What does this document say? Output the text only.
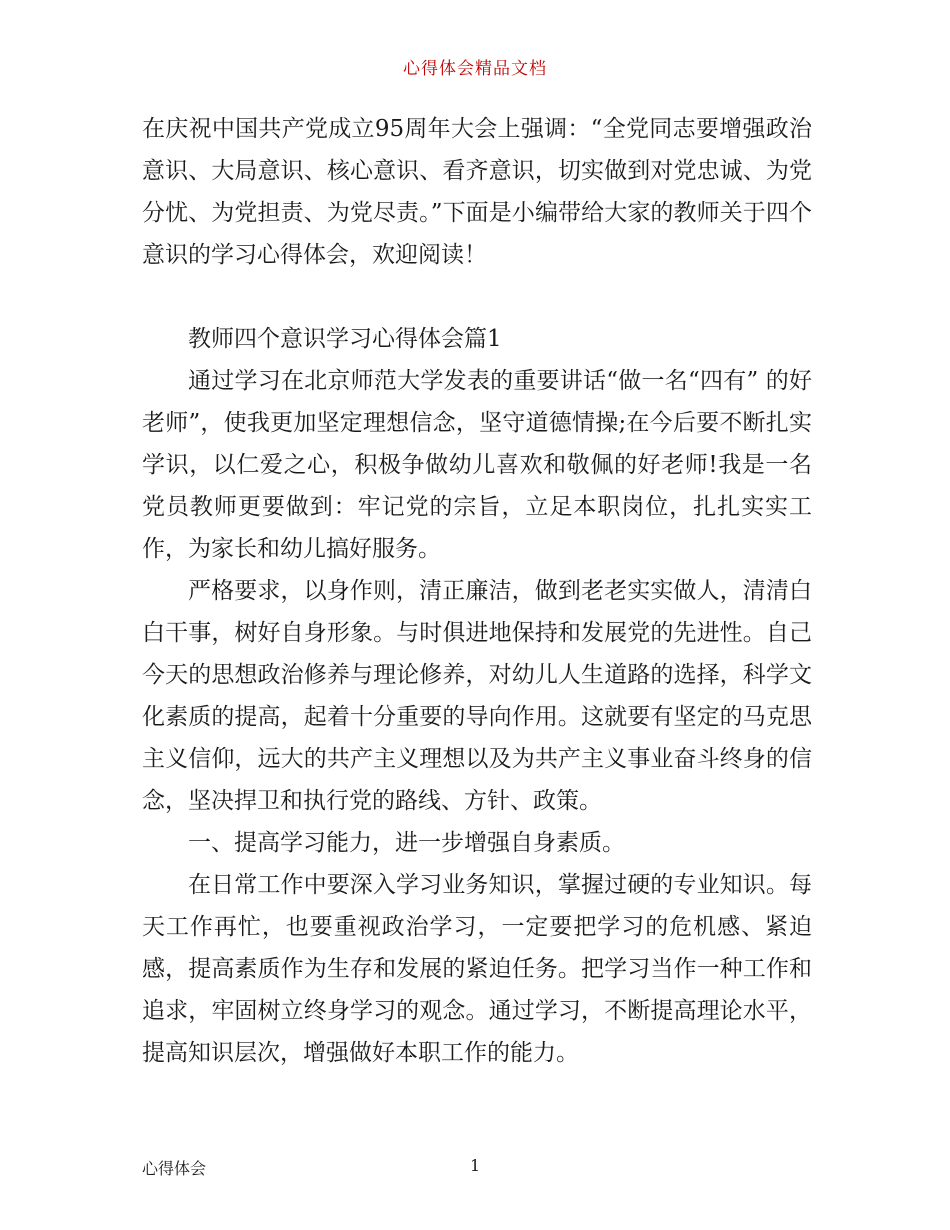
心得体会精品文档

在庆祝中国共产党成立95周年大会上强调：“全党同志要增强政治意识、大局意识、核心意识、看齐意识，切实做到对党忠诚、为党分忧、为党担责、为党尽责。”下面是小编带给大家的教师关于四个意识的学习心得体会，欢迎阅读！

教师四个意识学习心得体会篇1

通过学习在北京师范大学发表的重要讲话“做一名“四有” 的好老师”，使我更加坚定理想信念，坚守道德情操;在今后要不断扎实学识，以仁爱之心，积极争做幼儿喜欢和敬佩的好老师!我是一名党员教师更要做到：牢记党的宗旨，立足本职岗位，扎扎实实工作，为家长和幼儿搞好服务。

严格要求，以身作则，清正廉洁，做到老老实实做人，清清白白干事，树好自身形象。与时俱进地保持和发展党的先进性。自己今天的思想政治修养与理论修养，对幼儿人生道路的选择，科学文化素质的提高，起着十分重要的导向作用。这就要有坚定的马克思主义信仰，远大的共产主义理想以及为共产主义事业奋斗终身的信念，坚决捍卫和执行党的路线、方针、政策。

一、提高学习能力，进一步增强自身素质。

在日常工作中要深入学习业务知识，掌握过硬的专业知识。每天工作再忙，也要重视政治学习，一定要把学习的危机感、紧迫感，提高素质作为生存和发展的紧迫任务。把学习当作一种工作和追求，牢固树立终身学习的观念。通过学习，不断提高理论水平，提高知识层次，增强做好本职工作的能力。

心得体会	1
